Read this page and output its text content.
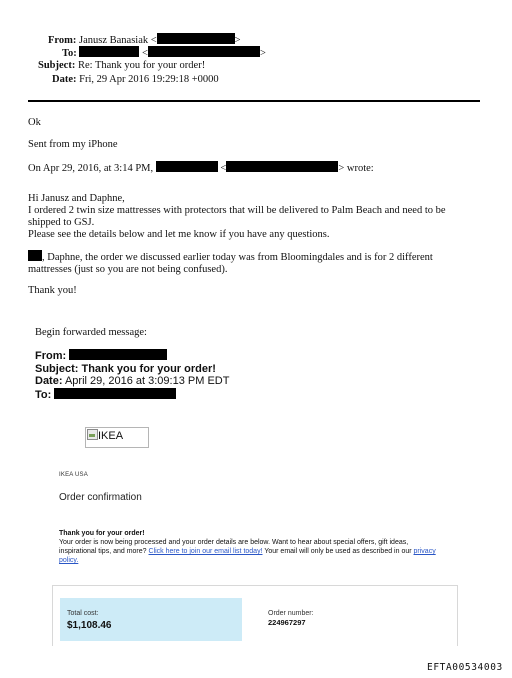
From: Janusz Banasiak <	>
To:	<	>
Subject: Re: Thank you for your order!
Date: Fri, 29 Apr 2016 19:29:18 +0000
Ok
Sent from my iPhone
On Apr 29, 2016, at 3:14 PM,	<	> wrote:
Hi Janusz and Daphne,
I ordered 2 twin size mattresses with protectors that will be delivered to Palm Beach and need to be shipped to GSJ.
Please see the details below and let me know if you have any questions.
, Daphne, the order we discussed earlier today was from Bloomingdales and is for 2 different mattresses (just so you are not being confused).
Thank you!
Begin forwarded message:
From:
Subject: Thank you for your order!
Date: April 29, 2016 at 3:09:13 PM EDT
To:
IKEA
IKEA USA
Order confirmation
Thank you for your order!
Your order is now being processed and your order details are below. Want to hear about special offers, gift ideas, inspirational tips, and more? Click here to join our email list today! Your email will only be used as described in our privacy policy.
Total cost:
$1,108.46
Order number:
224967297
EFTA00534003
